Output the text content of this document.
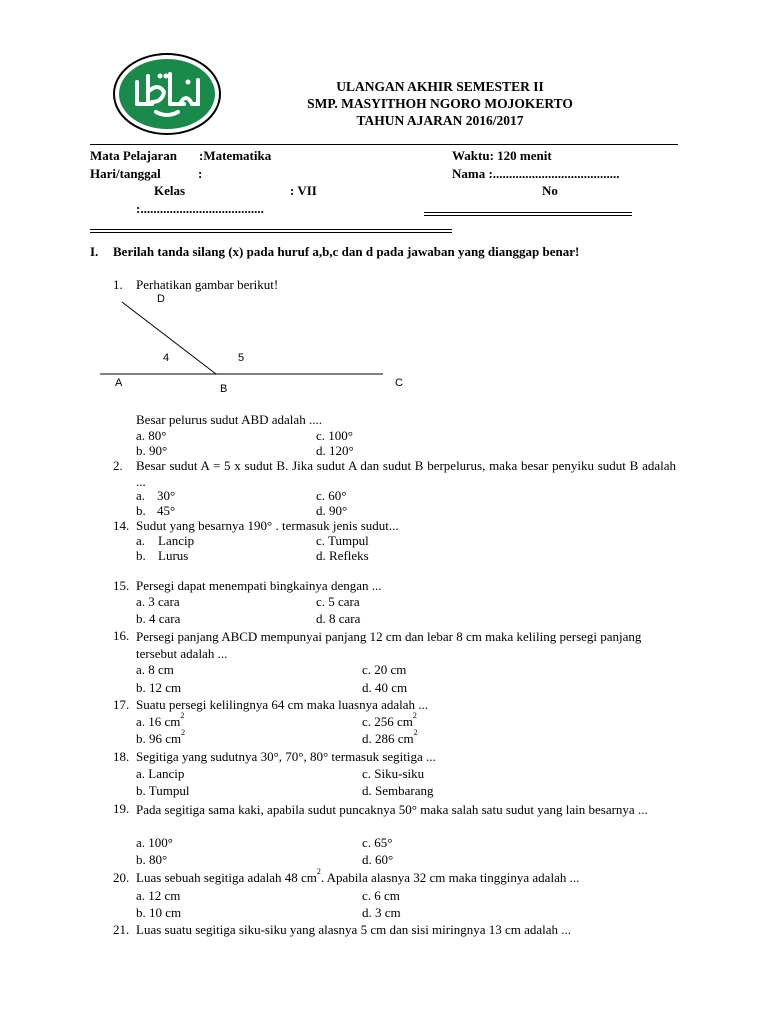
ULANGAN AKHIR SEMESTER II
SMP. MASYITHOH NGORO MOJOKERTO
TAHUN AJARAN 2016/2017
Mata Pelajaran :Matematika	Waktu: 120 menit
Hari/tanggal	:	Nama :.......................................
Kelas	: VII	No
:......................................
I. Berilah tanda silang (x) pada huruf a,b,c dan d pada jawaban yang dianggap benar!
1. Perhatikan gambar berikut!
D
4	5
A	B	C
Besar pelurus sudut ABD adalah ....
a. 80°	c. 100°
b. 90°	d. 120°
2. Besar sudut A = 5 x sudut B. Jika sudut A dan sudut B berpelurus, maka besar penyiku sudut B adalah ...
a. 30°	c. 60°
b. 45°	d. 90°
14. Sudut yang besarnya 190° . termasuk jenis sudut...
a. Lancip	c. Tumpul
b. Lurus	d. Refleks
15. Persegi dapat menempati bingkainya dengan ...
a. 3 cara	c. 5 cara
b. 4 cara	d. 8 cara
16. Persegi panjang ABCD mempunyai panjang 12 cm dan lebar 8 cm maka keliling persegi panjang tersebut adalah ...
a. 8 cm	c. 20 cm
b. 12 cm	d. 40 cm
17. Suatu persegi kelilingnya 64 cm maka luasnya adalah ...
a. 16 $cm^2$	c. 256 $cm^2$
b. 96 $cm^2$	d. 286 $cm^2$
18. Segitiga yang sudutnya 30°, 70°, 80° termasuk segitiga ...
a. Lancip	c. Siku-siku
b. Tumpul	d. Sembarang
19. Pada segitiga sama kaki, apabila sudut puncaknya 50° maka salah satu sudut yang lain besarnya ...
a. 100°	c. 65°
b. 80°	d. 60°
20. Luas sebuah segitiga adalah 48 $cm^2$. Apabila alasnya 32 cm maka tingginya adalah ...
a. 12 cm	c. 6 cm
b. 10 cm	d. 3 cm
21. Luas suatu segitiga siku-siku yang alasnya 5 cm dan sisi miringnya 13 cm adalah ...
